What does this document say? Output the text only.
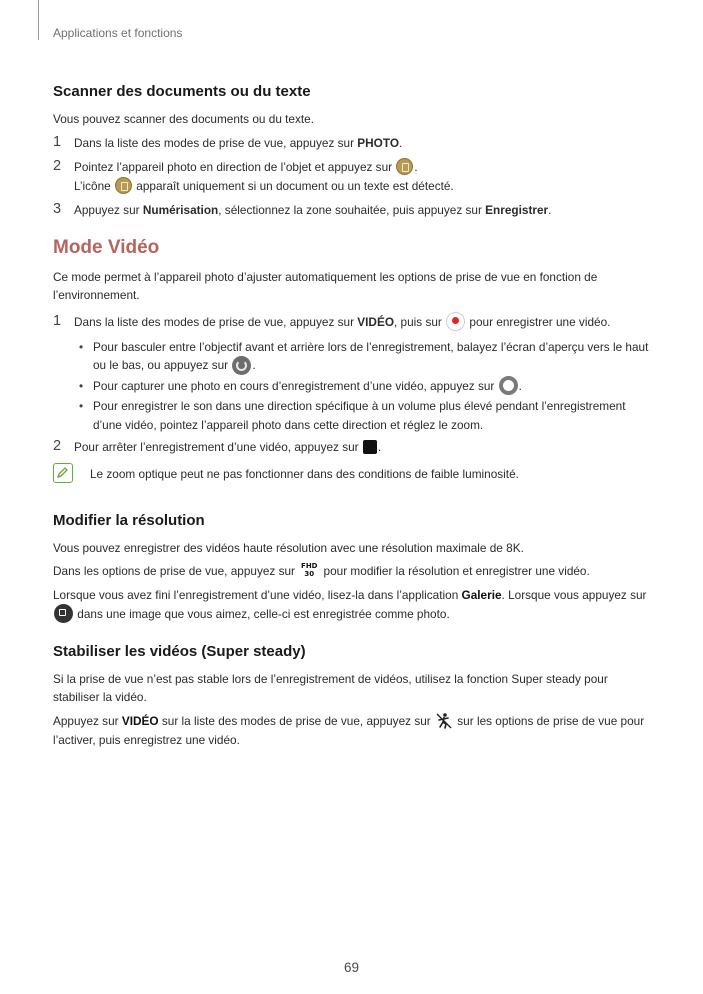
Applications et fonctions
Scanner des documents ou du texte

Vous pouvez scanner des documents ou du texte.

1 Dans la liste des modes de prise de vue, appuyez sur PHOTO.
2 Pointez l’appareil photo en direction de l’objet et appuyez sur .
L’icône  apparaît uniquement si un document ou un texte est détecté.
3 Appuyez sur Numérisation, sélectionnez la zone souhaitée, puis appuyez sur Enregistrer.
Mode Vidéo

Ce mode permet à l’appareil photo d’ajuster automatiquement les options de prise de vue en fonction de l’environnement.

1 Dans la liste des modes de prise de vue, appuyez sur VIDÉO, puis sur  pour enregistrer une vidéo.
• Pour basculer entre l’objectif avant et arrière lors de l’enregistrement, balayez l’écran d’aperçu vers le haut ou le bas, ou appuyez sur .
• Pour capturer une photo en cours d’enregistrement d’une vidéo, appuyez sur .
• Pour enregistrer le son dans une direction spécifique à un volume plus élevé pendant l’enregistrement d’une vidéo, pointez l’appareil photo dans cette direction et réglez le zoom.
2 Pour arrêter l’enregistrement d’une vidéo, appuyez sur .
Le zoom optique peut ne pas fonctionner dans des conditions de faible luminosité.
Modifier la résolution

Vous pouvez enregistrer des vidéos haute résolution avec une résolution maximale de 8K.

Dans les options de prise de vue, appuyez sur FHD
30 pour modifier la résolution et enregistrer une vidéo.

Lorsque vous avez fini l’enregistrement d’une vidéo, lisez-la dans l’application Galerie. Lorsque vous appuyez sur  dans une image que vous aimez, celle-ci est enregistrée comme photo.

Stabiliser les vidéos (Super steady)

Si la prise de vue n’est pas stable lors de l’enregistrement de vidéos, utilisez la fonction Super steady pour stabiliser la vidéo.

Appuyez sur VIDÉO sur la liste des modes de prise de vue, appuyez sur  sur les options de prise de vue pour l’activer, puis enregistrez une vidéo.

69
